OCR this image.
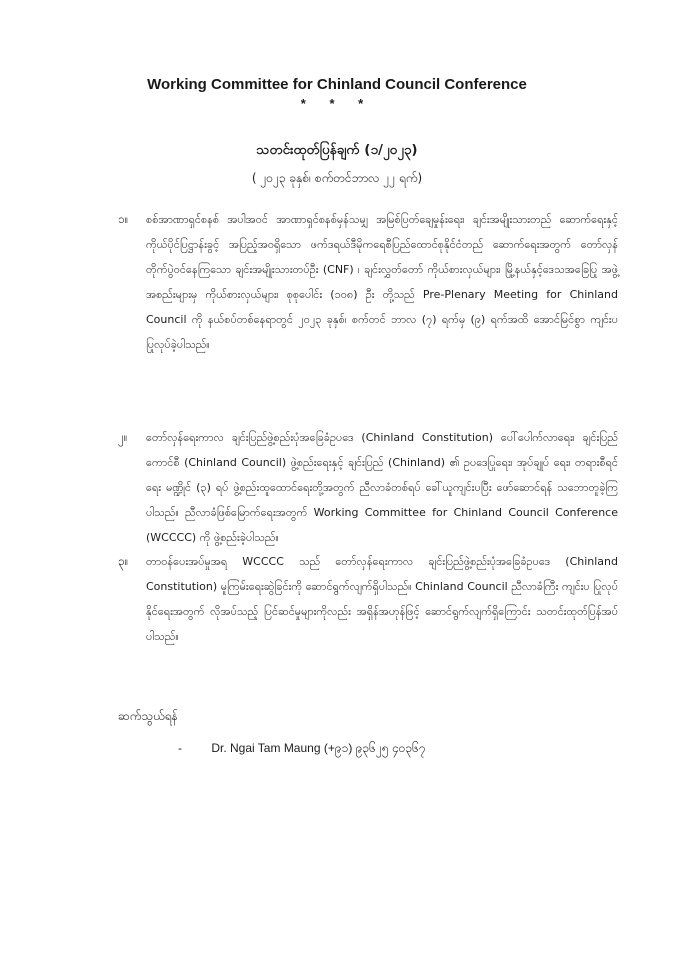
Working Committee for Chinland Council Conference
* * *
သတင်းထုတ်ပြန်ချက် (၁/၂၀၂၃)
( ၂၀၂၃ ခုနှစ်၊ စက်တင်ဘာလ ၂၂ ရက်)
၁။ စစ်အာဏာရှင်စနစ် အပါအဝင် အာဏာရှင်စနစ်မှန်သမျှ အမြစ်ပြတ်ချေမှုန်းရေး၊ ချင်းအမျိုးသားတည် ဆောက်ရေးနှင့် ကိုယ်ပိုင်ပြဋ္ဌာန်းခွင့် အပြည့်အဝရှိသော ဖက်ဒရယ်ဒီမိုကရေစီပြည်ထောင်စုနိုင်ငံတည် ဆောက်ရေးအတွက် တော်လှန်တိုက်ပွဲဝင်နေကြသော ချင်းအမျိုးသားတပ်ဦး (CNF) ၊ ချင်းလွှတ်တော် ကိုယ်စားလှယ်များ၊ မြို့နယ်နှင့်ဒေသအခြေပြု အဖွဲ့အစည်းများမှ ကိုယ်စားလှယ်များ၊ စုစုပေါင်း (၁၀၈) ဦး တို့သည် Pre-Plenary Meeting for Chinland Council ကို နယ်စပ်တစ်နေရာတွင် ၂၀၂၃ ခုနှစ်၊ စက်တင် ဘာလ (၇) ရက်မှ (၉) ရက်အထိ အောင်မြင်စွာ ကျင်းပပြုလုပ်ခဲ့ပါသည်။
၂။ တော်လှန်ရေးကာလ ချင်းပြည်ဖွဲ့စည်းပုံအခြေခံဥပဒေ (Chinland Constitution) ပေါ်ပေါက်လာရေး၊ ချင်းပြည်ကောင်စီ (Chinland Council) ဖွဲ့စည်းရေးနှင့် ချင်းပြည် (Chinland) ၏ ဥပဒေပြုရေး၊ အုပ်ချုပ် ရေး၊ တရားစီရင်ရေး မဏ္ဍိုင် (၃) ရပ် ဖွဲ့စည်းထူထောင်ရေးတို့အတွက် ညီလာခံတစ်ရပ် ခေါ်ယူကျင်းပပြီး ဖော်ဆောင်ရန် သဘောတူခဲ့ကြပါသည်။ ညီလာခံဖြစ်မြောက်ရေးအတွက် Working Committee for Chinland Council Conference (WCCCC) ကို ဖွဲ့စည်းခဲ့ပါသည်။
၃။ တာဝန်ပေးအပ်မှုအရ WCCCC သည် တော်လှန်ရေးကာလ ချင်းပြည်ဖွဲ့စည်းပုံအခြေခံဥပဒေ (Chinland Constitution) မူကြမ်းရေးဆွဲခြင်းကို ဆောင်ရွက်လျက်ရှိပါသည်။ Chinland Council ညီလာခံကြီး ကျင်းပ ပြုလုပ်နိုင်ရေးအတွက် လိုအပ်သည့် ပြင်ဆင်မှုများကိုလည်း အရှိန်အဟုန်ဖြင့် ဆောင်ရွက်လျက်ရှိကြောင်း သတင်းထုတ်ပြန်အပ်ပါသည်။
ဆက်သွယ်ရန်
- Dr. Ngai Tam Maung (+၉၁) ၉၃၆၂၅ ၄၀၃၆၇
